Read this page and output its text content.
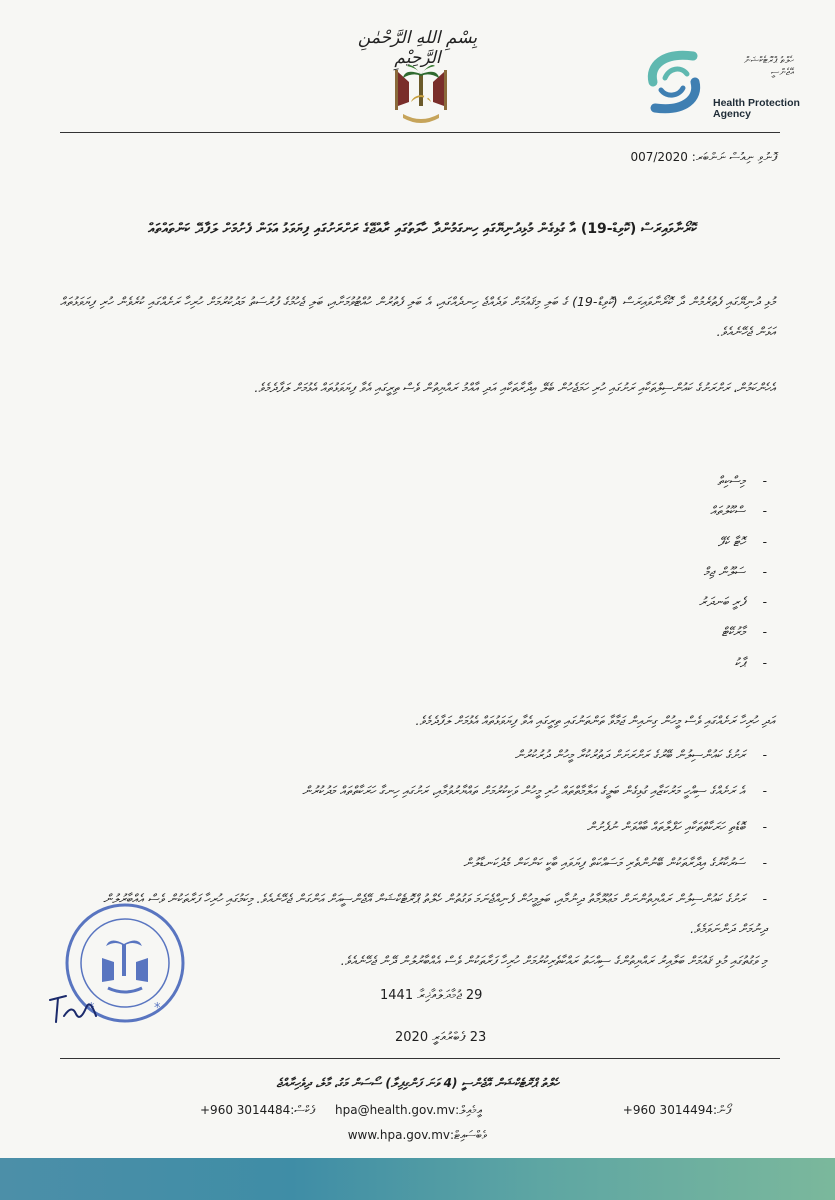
بِسْمِ اللهِ الرَّحْمٰنِ الرَّحِيْمِ	ހެލްތު ޕްރޮޓެކްޝަން އޭޖެންސީ
Health Protection Agency
ފޮނުވި ނިއުސް ނަންބަރ: 007/2020
ކޮރޯނާވައިރަސް (ކޮވިޑް-19) އާ ގުޅިގެން މުޅިދުނިޔޭގައި ހިނގަމުންދާ ހާލަތުގައި ރާއްޖޭގެ ރަށްރަށުގައި ފިޔަވަޅު އަޅަން ފެށުމަށް ލަފާދޭ ކަންތައްތައް
މުޅި ދުނިޔޭގައި ފެތުރެމުން ދާ ކޮރޯނާވައިރަސް (ކޮވިޑް-19) ގެ ބަލި މިޤައުމަށް ވަދެއްޖެ ހިނދެއްގައި، އެ ބަލި ފެތުރުން ހުއްޓުވުމަށާއި، ބަލި ޖެހުމުގެ ފުރުސަތު މަދުކުރުމަށް ހުރިހާ ރަށެއްގައި ކުރެވެން ހުރި ފިޔަވަޅުތައް އަޅަން ޖެހޭނެއެވެ.
އެހެންކަމުން، ރަށްރަށުގެ ކައުންސިލްތަކާއި ރަށުގައި ހުރި ހަމަޖެހުން ބެލޭ އިދާރާތަކާއި އަދި އާއްމު ރައްޔިތުން ވެސް ތިރީގައި އެވާ ފިޔަވަޅުތައް އެޅުމަށް ލަފާދެމެވެ.
-މިސްކިތް
-ސްކޫލުތައް
-ހޮޓާ ކެފޭ
-ސަލޫން ޖިމް
-ފެރީ ބަނދަރު
-މާރުކޭޓް
-ޕާކު
އަދި ހުރިހާ ރަށެއްގައި ވެސް މީހުން ގިނައިން ޖަމާވާ ތަންތަނުގައި ތިރީގައި އެވާ ފިޔަވަޅުތައް އެޅުމަށް ލަފާދެމެވެ.
-ރަށުގެ ކައުންސިލުން ބޭރުގެ ރަށްރަށަށް ދަތުރުކުރާ މީހުން ދުރުކުރުން
-އެ ރަށެއްގެ ސިއްހީ މަރުކަޒާއި ގުޅިގެން ބަލީގެ އަލާމާތްތައް ހުރި މީހުން ވަކިކުރުމަށް ތައްޔާރުވުމާއި، ރަށުގައި ހިނގާ ހަރަކާތްތައް މަދުކުރުން
-ބޮޑެތި ހަރަކާތްތަކާއި ހަފްލާތައް ބާއްވަން ނުފެށުން
-ސަރުކާރުގެ އިދާރާތަކުން ބޭނުންތެރި މަސައްކަތް ފިޔަވައި ބާކީ ކަންކަން މެދުކަނޑާލުން
-ރަށުގެ ކައުންސިލުން ރައްޔިތުންނަށް މަޢުލޫމާތު ދިނުމާއި، ބަލިމީހުން ފެނިއްޖެނަމަ ވަގުތުން ހެލްތު ޕްރޮޓެކްޝަން އޭޖެންސީއަށް އަންގަން ޖެހޭނެއެވެ. މިކަމުގައި ހުރިހާ ފަރާތަކުން ވެސް އެއްބާރުލުން ދިނުމަށް ދަންނަވަމެވެ.
މި ވަގުތުގައި މުޅި ޤައުމަށް ބަލާއިރު ރައްޔިތުންގެ ސިއްހަތު ރައްކާތެރިކުރުމަށް ހުރިހާ ފަރާތަކުން ވެސް އެއްބާރުލުން ދޭން ޖެހޭނެއެވެ.
*	*
29 ޖުމާދަލްއާޚިރާ 1441
23 ފެބްރުއަރީ 2020
ހެލްތު ޕްރޮޓެކްޝަން އޭޖެންސީ (4 ވަނަ ފަންގިފިލާ) ސޯސަން މަގު، މާލެ، ދިވެހިރާއްޖެ
ފޯން:+960 3014494
އީމެއިލް:hpa@health.gov.mv
ފެކްސް:+960 3014484
ވެބްސައިޓް:www.hpa.gov.mv
